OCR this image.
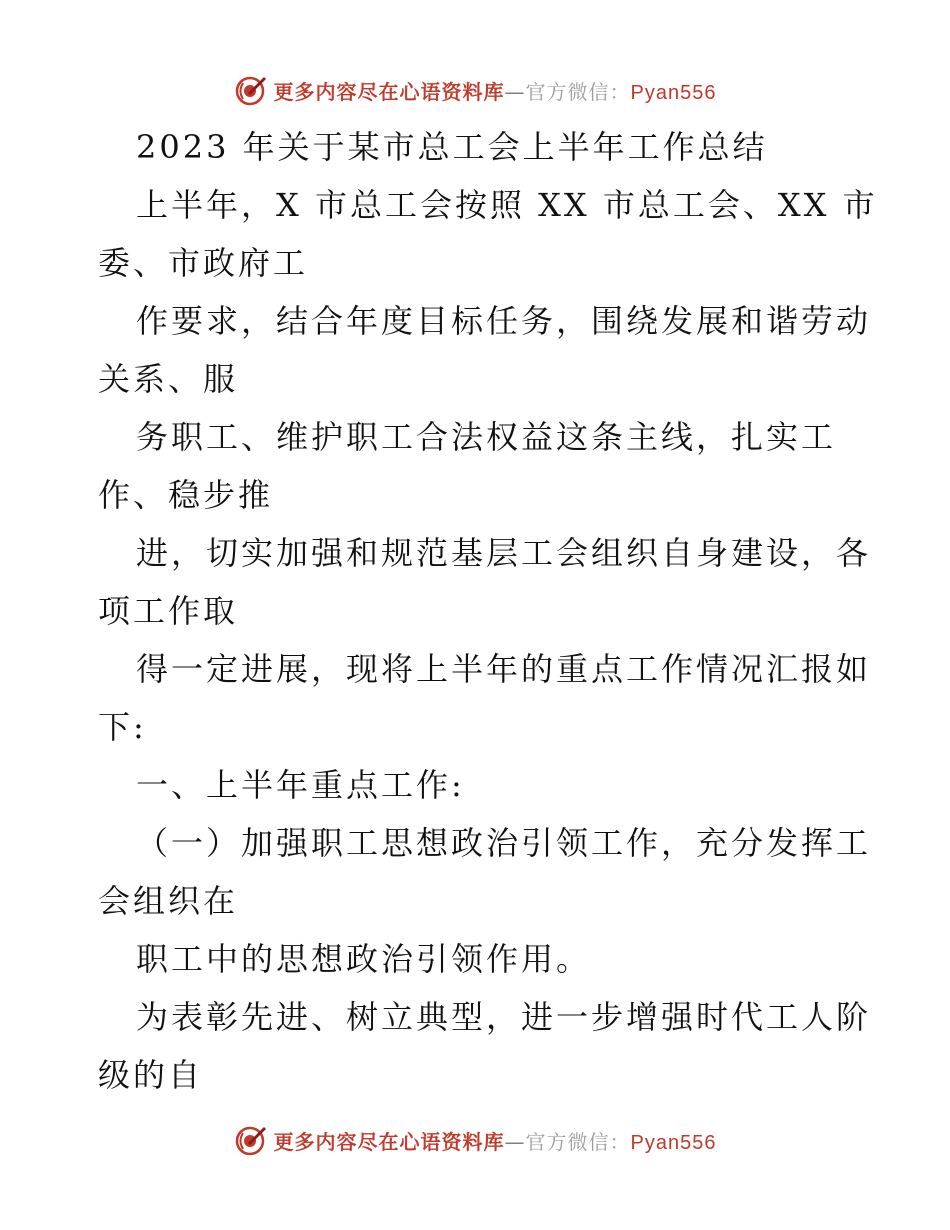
更多内容尽在心语资料库—官方微信：Pyan556
2023 年关于某市总工会上半年工作总结
上半年，X 市总工会按照 XX 市总工会、XX 市
委、市政府工
作要求，结合年度目标任务，围绕发展和谐劳动
关系、服
务职工、维护职工合法权益这条主线，扎实工
作、稳步推
进，切实加强和规范基层工会组织自身建设，各
项工作取
得一定进展，现将上半年的重点工作情况汇报如
下:
一、上半年重点工作:
（一）加强职工思想政治引领工作，充分发挥工
会组织在
职工中的思想政治引领作用。
为表彰先进、树立典型，进一步增强时代工人阶
级的自
更多内容尽在心语资料库—官方微信：Pyan556
